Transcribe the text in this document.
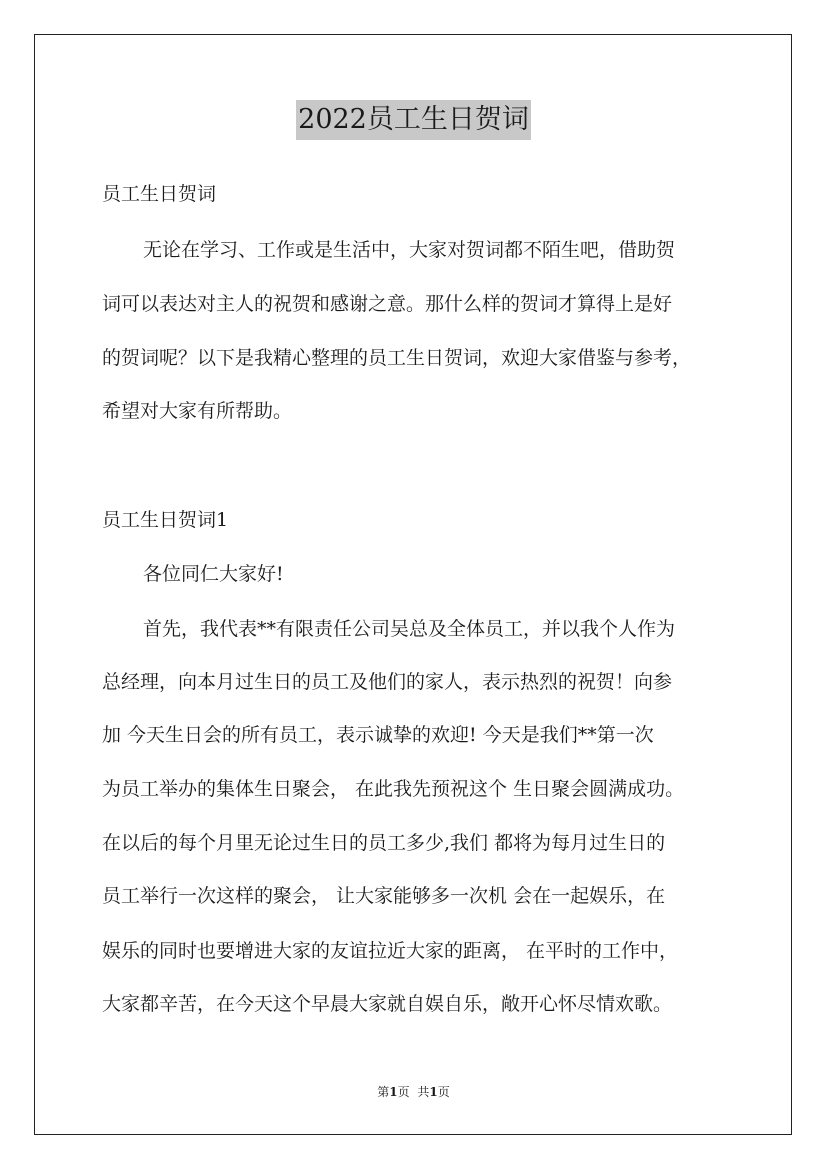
2022员工生日贺词
员工生日贺词
无论在学习、工作或是生活中，大家对贺词都不陌生吧，借助贺
词可以表达对主人的祝贺和感谢之意。那什么样的贺词才算得上是好
的贺词呢？以下是我精心整理的员工生日贺词，欢迎大家借鉴与参考，
希望对大家有所帮助。
员工生日贺词1
各位同仁大家好!
首先，我代表**有限责任公司吴总及全体员工，并以我个人作为
总经理，向本月过生日的员工及他们的家人，表示热烈的祝贺！向参
加 今天生日会的所有员工，表示诚挚的欢迎! 今天是我们**第一次
为员工举办的集体生日聚会， 在此我先预祝这个 生日聚会圆满成功。
在以后的每个月里无论过生日的员工多少,我们 都将为每月过生日的
员工举行一次这样的聚会， 让大家能够多一次机 会在一起娱乐，在
娱乐的同时也要增进大家的友谊拉近大家的距离， 在平时的工作中，
大家都辛苦，在今天这个早晨大家就自娱自乐，敞开心怀尽情欢歌。
第1页 共1页
